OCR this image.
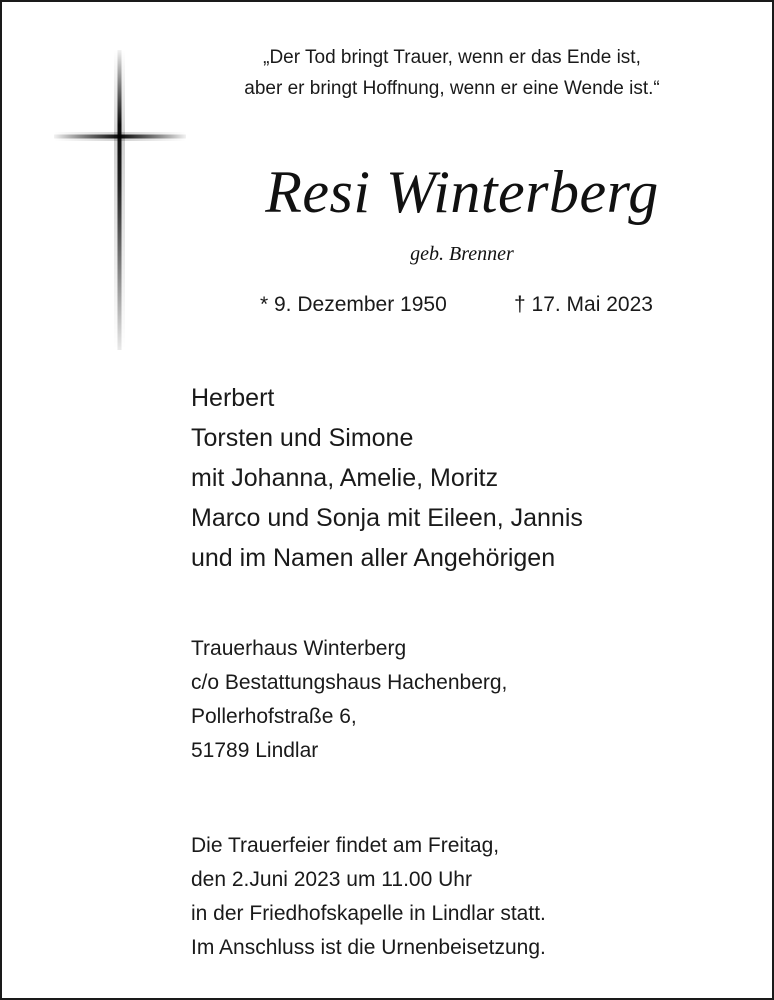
„Der Tod bringt Trauer, wenn er das Ende ist,
aber er bringt Hoffnung, wenn er eine Wende ist.“
Resi Winterberg
geb. Brenner
* 9. Dezember 1950	† 17. Mai 2023
Herbert
Torsten und Simone
mit Johanna, Amelie, Moritz
Marco und Sonja mit Eileen, Jannis
und im Namen aller Angehörigen
Trauerhaus Winterberg
c/o Bestattungshaus Hachenberg,
Pollerhofstraße 6,
51789 Lindlar
Die Trauerfeier findet am Freitag,
den 2.Juni 2023 um 11.00 Uhr
in der Friedhofskapelle in Lindlar statt.
Im Anschluss ist die Urnenbeisetzung.
